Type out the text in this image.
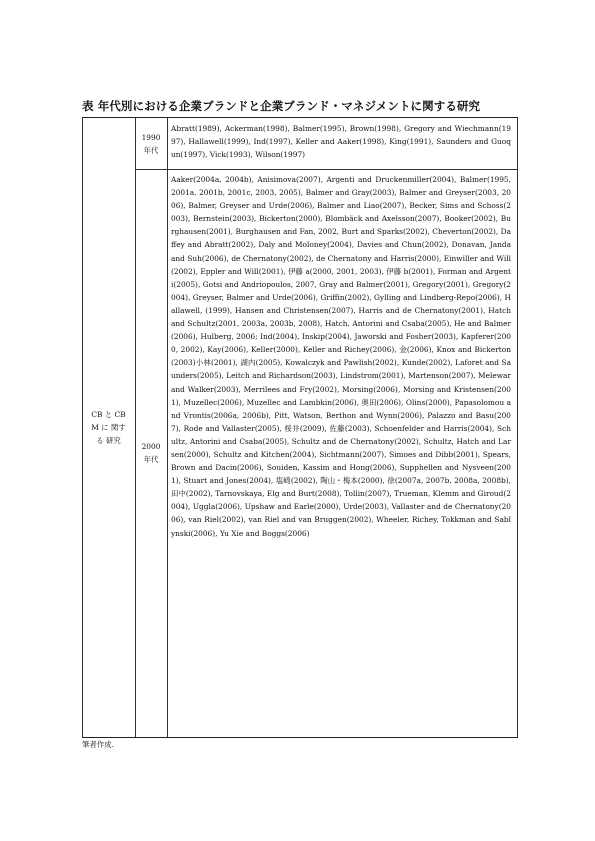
表 年代別における企業ブランドと企業ブランド・マネジメントに関する研究
CB と CBM に 関する 研究
1990 年代
Abratt(1989), Ackerman(1998), Balmer(1995), Brown(1998), Gregory and Wiechmann(1997), Hallawell(1999), Ind(1997), Keller and Aaker(1998), King(1991), Saunders and Guoqun(1997), Vick(1993), Wilson(1997)
2000 年代
Aaker(2004a, 2004b), Anisimova(2007), Argenti and Druckenmiller(2004), Balmer(1995, 2001a, 2001b, 2001c, 2003, 2005), Balmer and Gray(2003), Balmer and Greyser(2003, 2006), Balmer, Greyser and Urde(2006), Balmer and Liao(2007), Becker, Sims and Schoss(2003), Bernstein(2003), Bickerton(2000), Blombäck and Axelsson(2007), Booker(2002), Burghausen(2001), Burghausen and Fan, 2002, Burt and Sparks(2002), Cheverton(2002), Daffey and Abratt(2002), Daly and Moloney(2004), Davies and Chun(2002), Donavan, Janda and Suh(2006), de Chernatony(2002), de Chernatony and Harris(2000), Einwiller and Will(2002), Eppler and Will(2001), 伊藤 a(2000, 2001, 2003), 伊藤 b(2001), Forman and Argenti(2005), Gotsi and Andriopoulos, 2007, Gray and Balmer(2001), Gregory(2001), Gregory(2004), Greyser, Balmer and Urde(2006), Griffin(2002), Gylling and Lindberg-Repo(2006), Hallawell, (1999), Hansen and Christensen(2007), Harris and de Chernatony(2001), Hatch and Schultz(2001, 2003a, 2003b, 2008), Hatch, Antorini and Csaba(2005), He and Balmer(2006), Hulberg, 2006; Ind(2004), Inskip(2004), Jaworski and Fosher(2003), Kapferer(2000, 2002), Kay(2006), Keller(2000), Keller and Richey(2006), 金(2006), Knox and Bickerton(2003)小林(2001), 湖内(2005), Kowalczyk and Pawlish(2002), Kunde(2002), Laforet and Saunders(2005), Leitch and Richardson(2003), Lindstrom(2001), Martenson(2007), Melewar and Walker(2003), Merrilees and Fry(2002), Morsing(2006), Morsing and Kristensen(2001), Muzellec(2006), Muzellec and Lambkin(2006), 奥田(2006), Olins(2000), Papasolomou and Vrontis(2006a, 2006b), Pitt, Watson, Berthon and Wynn(2006), Palazzo and Basu(2007), Rode and Vallaster(2005), 桜井(2009), 佐藤(2003), Schoenfelder and Harris(2004), Schultz, Antorini and Csaba(2005), Schultz and de Chernatony(2002), Schultz, Hatch and Larsen(2000), Schultz and Kitchen(2004), Sichtmann(2007), Simoes and Dibb(2001), Spears, Brown and Dacin(2006), Souiden, Kassim and Hong(2006), Supphellen and Nysveen(2001), Stuart and Jones(2004), 塩崎(2002), 陶山・梅本(2000), 徐(2007a, 2007b, 2008a, 2008b), 田中(2002), Tarnovskaya, Elg and Burt(2008), Tollin(2007), Trueman, Klemm and Giroud(2004), Uggla(2006), Upshaw and Earle(2000), Urde(2003), Vallaster and de Chernatony(2006), van Riel(2002), van Riel and van Bruggen(2002), Wheeler, Richey, Tokkman and Sablynski(2006), Yu Xie and Boggs(2006)
筆者作成.
